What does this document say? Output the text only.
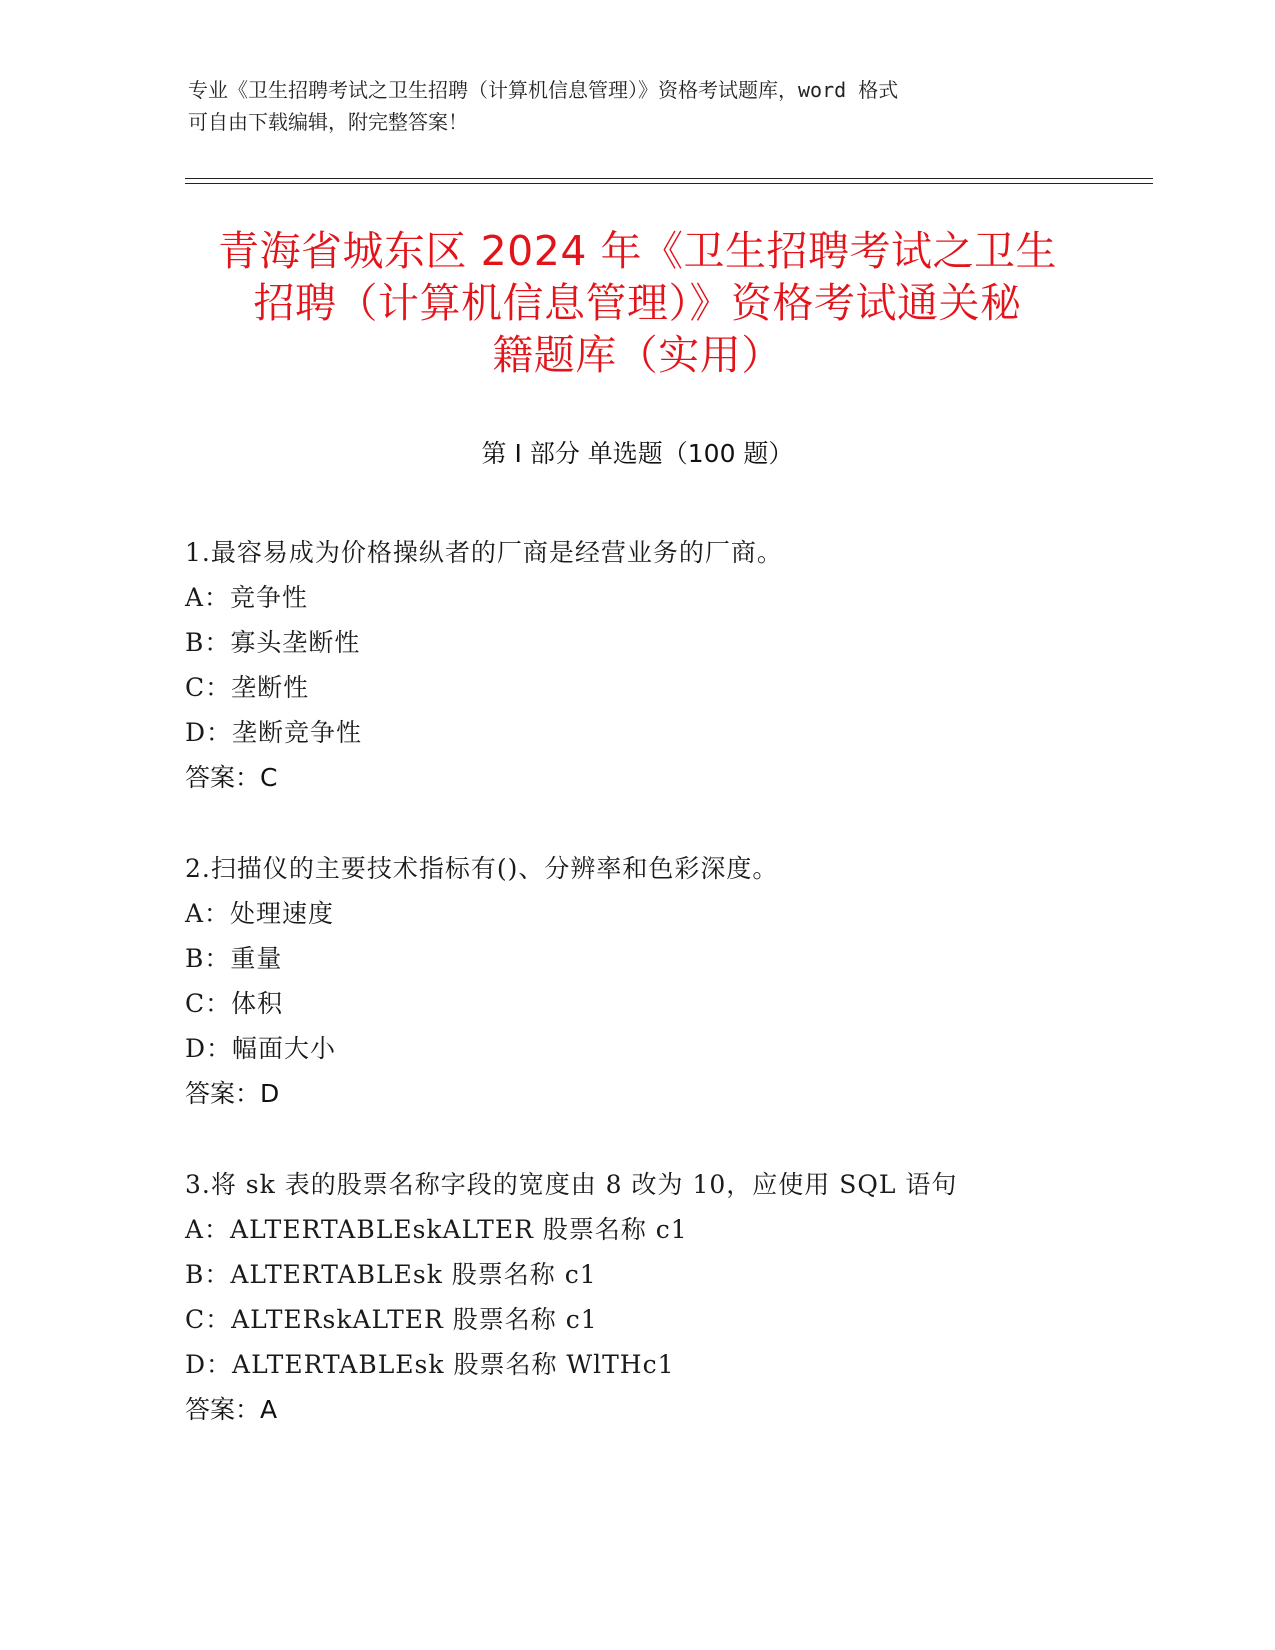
专业《卫生招聘考试之卫生招聘（计算机信息管理）》资格考试题库，word 格式
可自由下载编辑，附完整答案！
青海省城东区 2024 年《卫生招聘考试之卫生
招聘（计算机信息管理）》资格考试通关秘
籍题库（实用）
第 I 部分 单选题（100 题）
1.最容易成为价格操纵者的厂商是经营业务的厂商。
A：竞争性
B：寡头垄断性
C：垄断性
D：垄断竞争性
答案：C
2.扫描仪的主要技术指标有()、分辨率和色彩深度。
A：处理速度
B：重量
C：体积
D：幅面大小
答案：D
3.将 sk 表的股票名称字段的宽度由 8 改为 10，应使用 SQL 语句
A：ALTERTABLEskALTER 股票名称 c1
B：ALTERTABLEsk 股票名称 c1
C：ALTERskALTER 股票名称 c1
D：ALTERTABLEsk 股票名称 WlTHc1
答案：A
